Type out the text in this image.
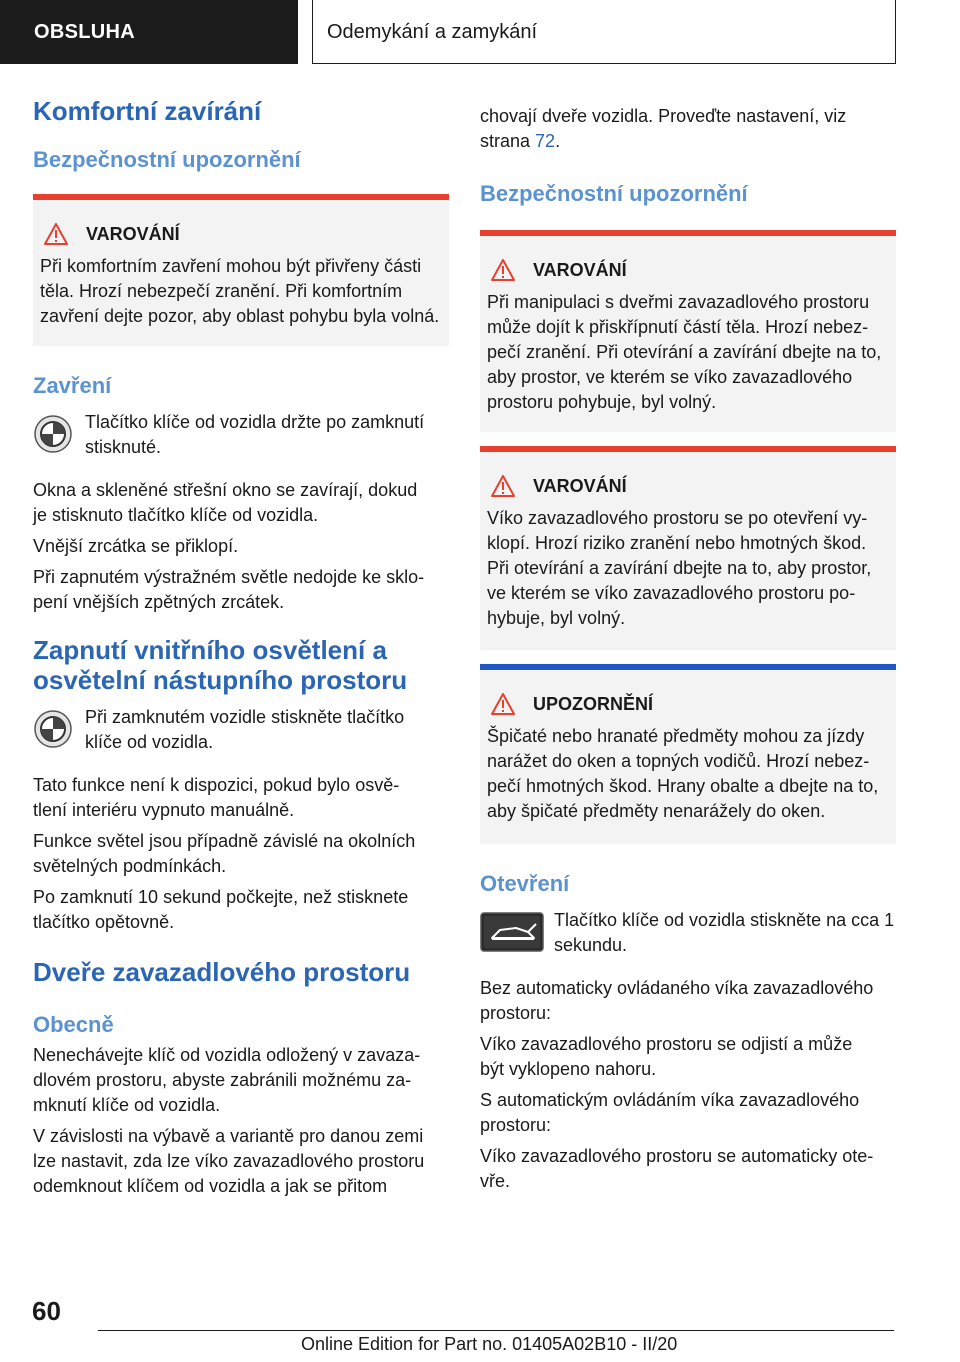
OBSLUHA	Odemykání a zamykání
Komfortní zavírání
Bezpečnostní upozornění
VAROVÁNÍ

Při komfortním zavření mohou být přivřeny části těla. Hrozí nebezpečí zranění. Při komfortním zavření dejte pozor, aby oblast pohybu byla volná.

Zavření

Tlačítko klíče od vozidla držte po zamknutí stisknuté.

Okna a skleněné střešní okno se zavírají, dokud je stisknuto tlačítko klíče od vozidla.

Vnější zrcátka se přiklopí.

Při zapnutém výstražném světle nedojde ke sklo-pení vnějších zpětných zrcátek.

Zapnutí vnitřního osvětlení a osvětelní nástupního prostoru

Při zamknutém vozidle stiskněte tlačítko klíče od vozidla.

Tato funkce není k dispozici, pokud bylo osvě-tlení interiéru vypnuto manuálně.

Funkce světel jsou případně závislé na okolních světelných podmínkách.

Po zamknutí 10 sekund počkejte, než stisknete tlačítko opětovně.

Dveře zavazadlového prostoru
Obecně

Nenechávejte klíč od vozidla odložený v zavaza-dlovém prostoru, abyste zabránili možnému za-mknutí klíče od vozidla.

V závislosti na výbavě a variantě pro danou zemi lze nastavit, zda lze víko zavazadlového prostoru odemknout klíčem od vozidla a jak se přitom

chovají dveře vozidla. Proveďte nastavení, viz strana 72.

Bezpečnostní upozornění
VAROVÁNÍ

Při manipulaci s dveřmi zavazadlového prostoru může dojít k přiskřípnutí částí těla. Hrozí nebez-pečí zranění. Při otevírání a zavírání dbejte na to, aby prostor, ve kterém se víko zavazadlového prostoru pohybuje, byl volný.

VAROVÁNÍ

Víko zavazadlového prostoru se po otevření vy-klopí. Hrozí riziko zranění nebo hmotných škod. Při otevírání a zavírání dbejte na to, aby prostor, ve kterém se víko zavazadlového prostoru po-hybuje, byl volný.

UPOZORNĚNÍ

Špičaté nebo hranaté předměty mohou za jízdy narážet do oken a topných vodičů. Hrozí nebez-pečí hmotných škod. Hrany obalte a dbejte na to, aby špičaté předměty nenarážely do oken.

Otevření

Tlačítko klíče od vozidla stiskněte na cca 1 sekundu.

Bez automaticky ovládaného víka zavazadlového prostoru:

Víko zavazadlového prostoru se odjistí a může být vyklopeno nahoru.

S automatickým ovládáním víka zavazadlového prostoru:

Víko zavazadlového prostoru se automaticky ote-vře.

60
Online Edition for Part no. 01405A02B10 - II/20
